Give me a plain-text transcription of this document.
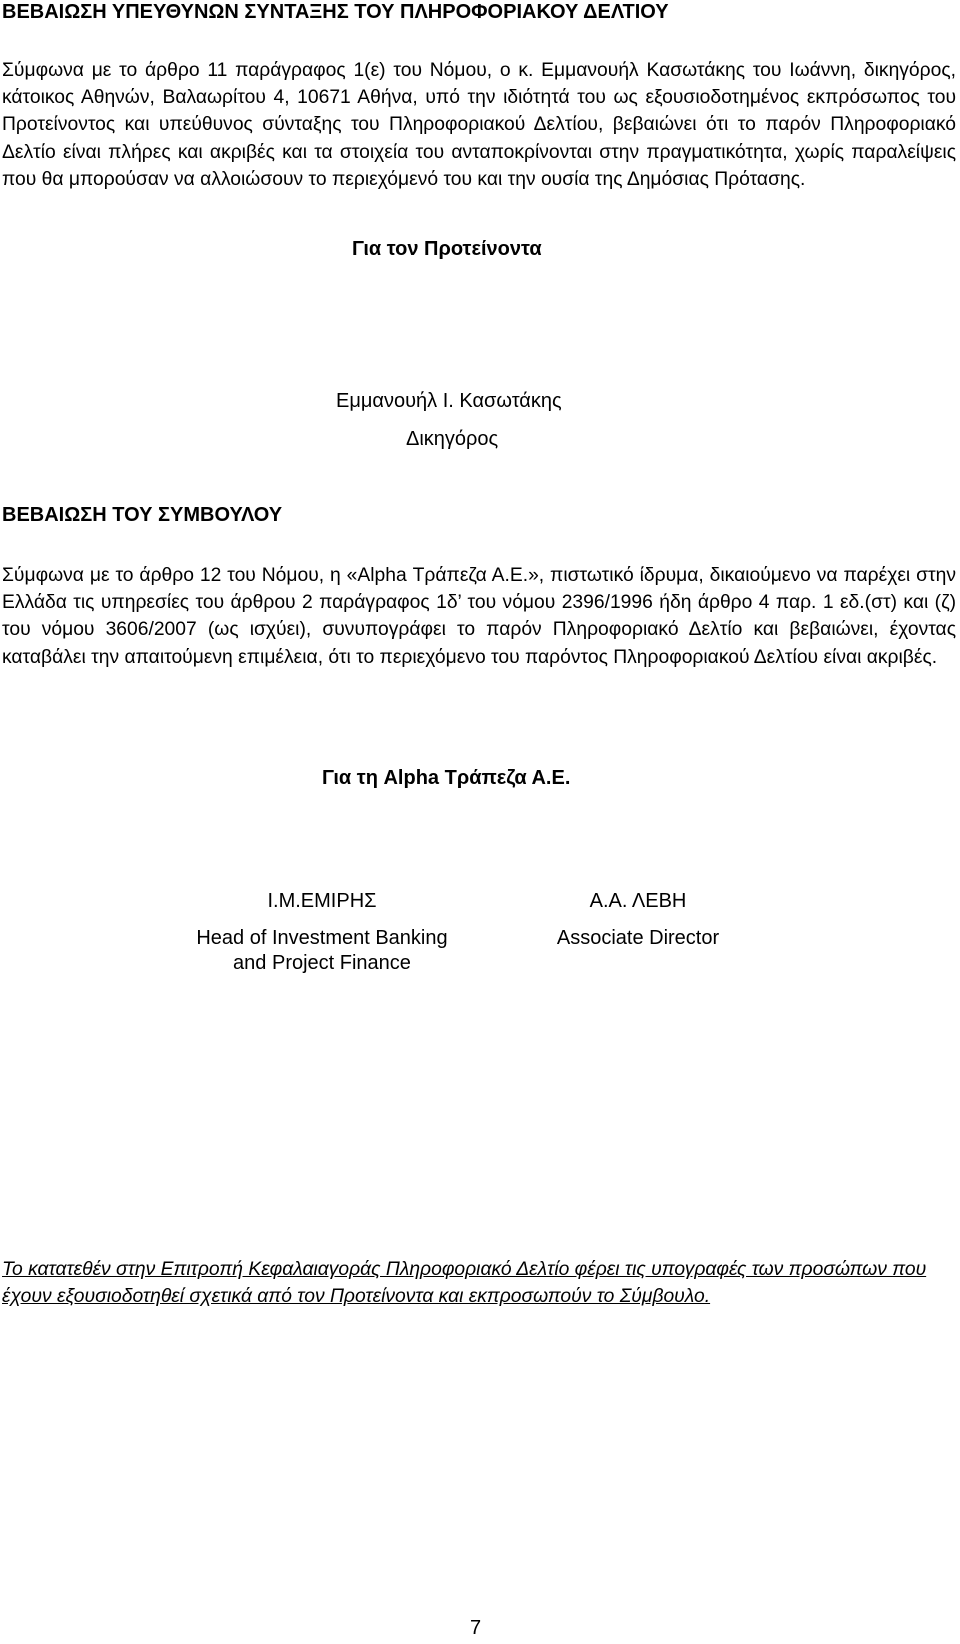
ΒΕΒΑΙΩΣΗ ΥΠΕΥΘΥΝΩΝ ΣΥΝΤΑΞΗΣ ΤΟΥ ΠΛΗΡΟΦΟΡΙΑΚΟΥ ΔΕΛΤΙΟΥ
Σύμφωνα με το άρθρο 11 παράγραφος 1(ε) του Νόμου, ο κ. Εμμανουήλ Κασωτάκης του Ιωάννη, δικηγόρος, κάτοικος Αθηνών, Βαλαωρίτου 4, 10671 Αθήνα, υπό την ιδιότητά του ως εξουσιοδοτημένος εκπρόσωπος του Προτείνοντος και υπεύθυνος σύνταξης του Πληροφοριακού Δελτίου, βεβαιώνει ότι το παρόν Πληροφοριακό Δελτίο είναι πλήρες και ακριβές και τα στοιχεία του ανταποκρίνονται στην πραγματικότητα, χωρίς παραλείψεις που θα μπορούσαν να αλλοιώσουν το περιεχόμενό του και την ουσία της Δημόσιας Πρότασης.
Για τον Προτείνοντα
Εμμανουήλ Ι. Κασωτάκης
Δικηγόρος
ΒΕΒΑΙΩΣΗ ΤΟΥ ΣΥΜΒΟΥΛΟΥ
Σύμφωνα με το άρθρο 12 του Νόμου, η «Alpha Τράπεζα Α.Ε.», πιστωτικό ίδρυμα, δικαιούμενο να παρέχει στην Ελλάδα τις υπηρεσίες του άρθρου 2 παράγραφος 1δ’ του νόμου 2396/1996 ήδη άρθρο 4 παρ. 1 εδ.(στ) και (ζ) του νόμου 3606/2007 (ως ισχύει), συνυπογράφει το παρόν Πληροφοριακό Δελτίο και βεβαιώνει, έχοντας καταβάλει την απαιτούμενη επιμέλεια, ότι το περιεχόμενο του παρόντος Πληροφοριακού Δελτίου είναι ακριβές.
Για τη Alpha Τράπεζα Α.Ε.
Ι.Μ.ΕΜΙΡΗΣ
Head of Investment Banking
and Project Finance
Α.Α. ΛΕΒΗ
Associate Director
Το κατατεθέν στην Επιτροπή Κεφαλαιαγοράς Πληροφοριακό Δελτίο φέρει τις υπογραφές των προσώπων που έχουν εξουσιοδοτηθεί σχετικά από τον Προτείνοντα και εκπροσωπούν το Σύμβουλο.
7
